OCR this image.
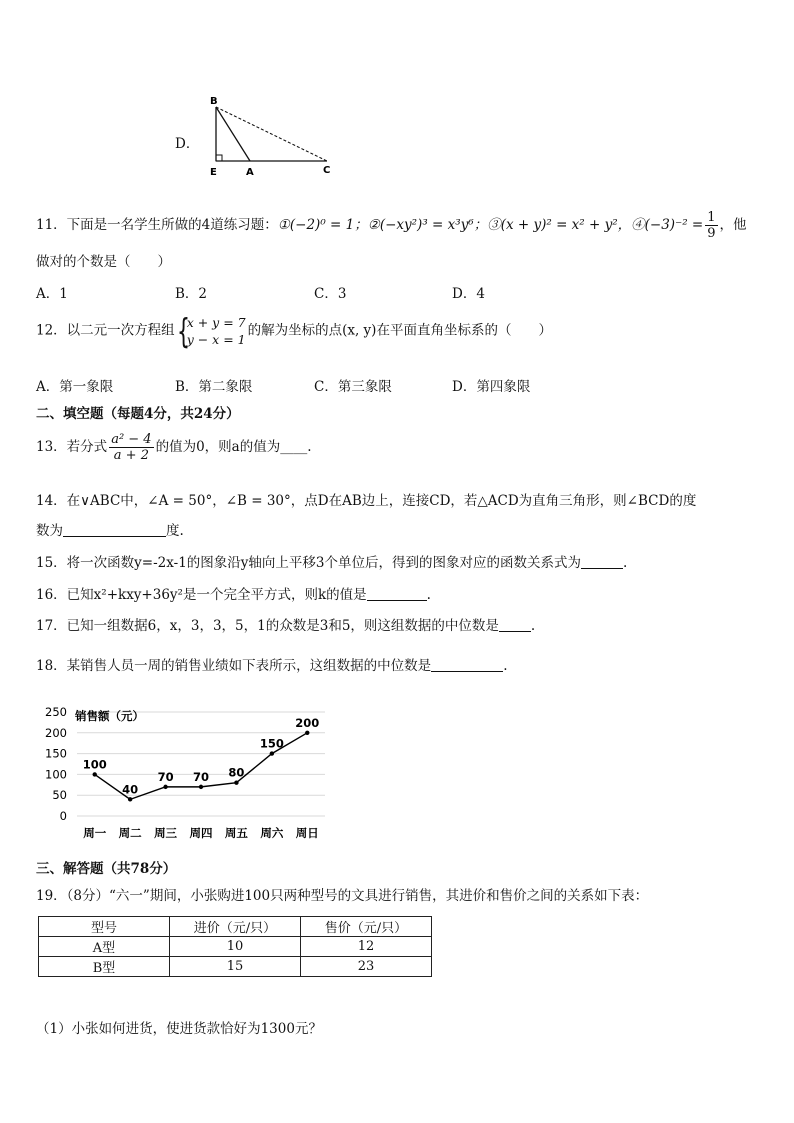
D．
B
E	A	C
11．下面是一名学生所做的4道练习题：①(−2)⁰ = 1；②(−xy²)³ = x³y⁶；③(x + y)² = x² + y²，④(−3)⁻² = $\frac{1}{9}$ ，他
做对的个数是（　　）
A．1	B．2	C．3	D．4
12．以二元一次方程组 {
x + y = 7
y − x = 1
的解为坐标的点(x, y)在平面直角坐标系的（　　）
A．第一象限	B．第二象限	C．第三象限	D．第四象限
二、填空题（每题4分，共24分）
13．若分式 $\frac{\text{a² − 4}}{a + 2}$ 的值为0，则a的值为____.
14．在∨ABC中，∠A = 50°，∠B = 30°，点D在AB边上，连接CD，若△ACD为直角三角形，则∠BCD的度
数为	度.
15．将一次函数y=-2x-1的图象沿y轴向上平移3个单位后，得到的图象对应的函数关系式为	.
16．已知x²+kxy+36y²是一个完全平方式，则k的值是	.
17．已知一组数据6，x，3，3，5，1的众数是3和5，则这组数据的中位数是 .
18．某销售人员一周的销售业绩如下表所示，这组数据的中位数是	.
0
50
100
150
200
250 销售额（元）
100
40
70 70 80
150
200
周一 周二 周三 周四 周五 周六 周日
三、解答题（共78分）
19．（8分）“六一”期间，小张购进100只两种型号的文具进行销售，其进价和售价之间的关系如下表：
型号	进价（元/只）	售价（元/只）
A型	10	12
B型	15	23
（1）小张如何进货，使进货款恰好为1300元？
